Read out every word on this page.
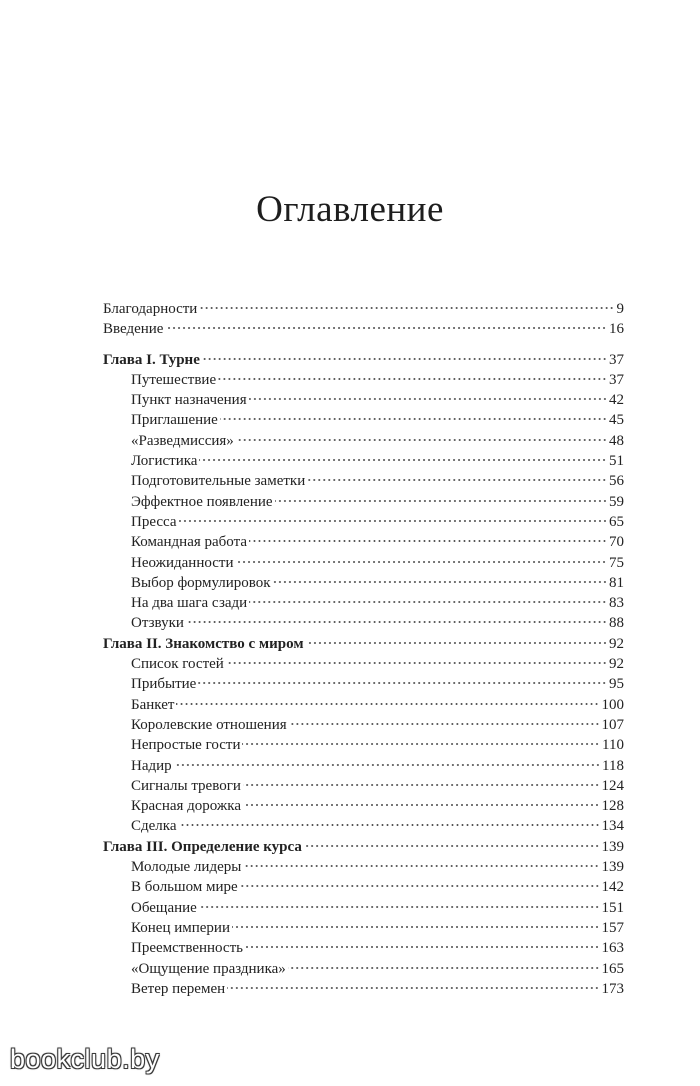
Оглавление
Благодарности	9
Введение	16
Глава I. Турне	37
Путешествие	37
Пункт назначения	42
Приглашение	45
«Разведмиссия»	48
Логистика	51
Подготовительные заметки	56
Эффектное появление	59
Пресса	65
Командная работа	70
Неожиданности	75
Выбор формулировок	81
На два шага сзади	83
Отзвуки	88
Глава II. Знакомство с миром	92
Список гостей	92
Прибытие	95
Банкет	100
Королевские отношения	107
Непростые гости	110
Надир	118
Сигналы тревоги	124
Красная дорожка	128
Сделка	134
Глава III. Определение курса	139
Молодые лидеры	139
В большом мире	142
Обещание	151
Конец империи	157
Преемственность	163
«Ощущение праздника»	165
Ветер перемен	173
bookclub.by
